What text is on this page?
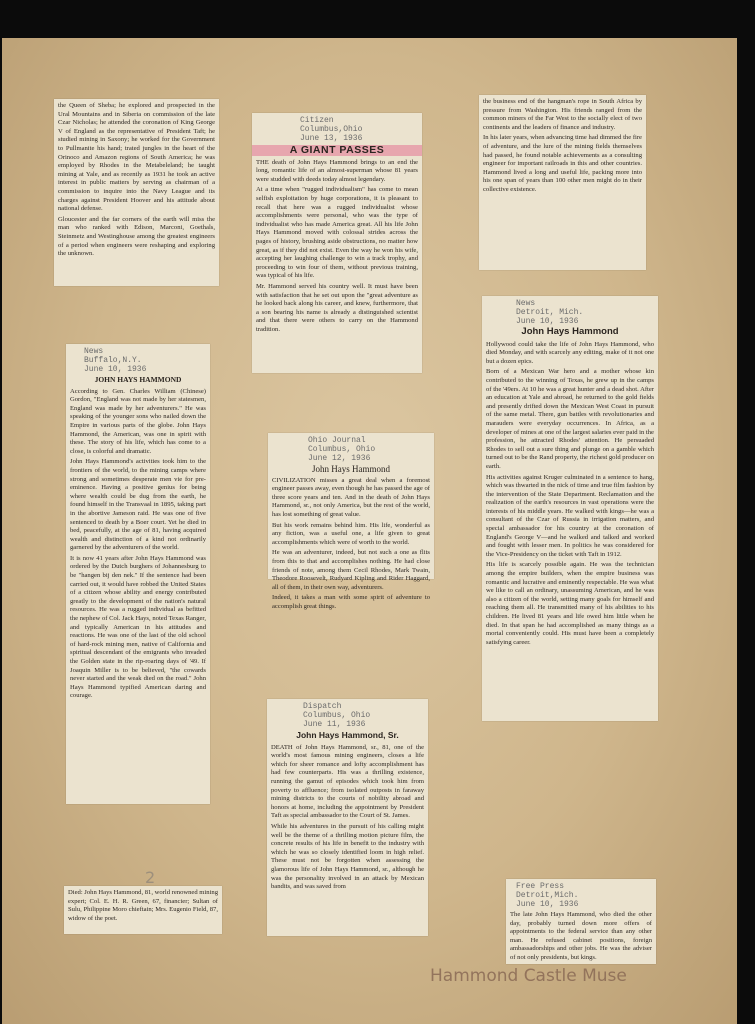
the Queen of Sheba; he explored and prospected in the Ural Mountains and in Siberia on commission of the late Czar Nicholas; he attended the coronation of King George V of England as the representative of President Taft; he studied mining in Saxony; he worked for the Government to Pullmanite his hand; trated jungles in the heart of the Orinoco and Amazon regions of South America; he was employed by Rhodes in the Metabeleland; he taught mining at Yale, and as recently as 1931 he took an active interest in public matters by serving as chairman of a commission to inquire into the Navy League and its charges against President Hoover and his attitude about national defense.

Gloucester and the far corners of the earth will miss the man who ranked with Edison, Marconi, Goethals, Steinmetz and Westinghouse among the greatest engineers of a period when engineers were reshaping and exploring the unknown.

Citizen
Columbus,Ohio
June 13, 1936
A GIANT PASSES

THE death of John Hays Hammond brings to an end the long, romantic life of an almost-superman whose 81 years were studded with deeds today almost legendary.

At a time when "rugged individualism" has come to mean selfish exploitation by huge corporations, it is pleasant to recall that here was a rugged individualist whose accomplishments were personal, who was the type of individualist who has made America great. All his life John Hays Hammond moved with colossal strides across the pages of history, brushing aside obstructions, no matter how great, as if they did not exist. Even the way he won his wife, accepting her laughing challenge to win a track trophy, and proceeding to win four of them, without previous training, was typical of his life.

Mr. Hammond served his country well. It must have been with satisfaction that he set out upon the "great adventure as he looked back along his career, and knew, furthermore, that a son bearing his name is already a distinguished scientist and that there were others to carry on the Hammond tradition.

the business end of the hangman's rope in South Africa by pressure from Washington. His friends ranged from the common miners of the Far West to the socially elect of two continents and the leaders of finance and industry.

In his later years, when advancing time had dimmed the fire of adventure, and the lure of the mining fields themselves had passed, he found notable achievements as a consulting engineer for important railroads in this and other countries. Hammond lived a long and useful life, packing more into his one span of years than 100 other men might do in their collective existence.

News
Buffalo,N.Y.
June 10, 1936
JOHN HAYS HAMMOND

According to Gen. Charles William (Chinese) Gordon, "England was not made by her statesmen, England was made by her adventurers." He was speaking of the younger sons who nailed down the Empire in various parts of the globe. John Hays Hammond, the American, was one in spirit with these. The story of his life, which has come to a close, is colorful and dramatic.

John Hays Hammond's activities took him to the frontiers of the world, to the mining camps where strong and sometimes desperate men vie for pre-eminence. Having a positive genius for being where wealth could be dug from the earth, he found himself in the Transvaal in 1895, taking part in the abortive Jameson raid. He was one of five sentenced to death by a Boer court. Yet he died in bed, peacefully, at the age of 81, having acquired wealth and distinction of a kind not ordinarily garnered by the adventurers of the world.

It is now 41 years after John Hays Hammond was ordered by the Dutch burghers of Johannesburg to be "hangen bij den nek." If the sentence had been carried out, it would have robbed the United States of a citizen whose ability and energy contributed greatly to the development of the nation's natural resources. He was a rugged individual as befitted the nephew of Col. Jack Hays, noted Texas Ranger, and typically American in his attitudes and reactions. He was one of the last of the old school of hard-rock mining men, native of California and spiritual descendant of the emigrants who invaded the Golden state in the rip-roaring days of '49. If Joaquin Miller is to be believed, "the cowards never started and the weak died on the road." John Hays Hammond typified American daring and courage.

Died: John Hays Hammond, 81, world renowned mining expert; Col. E. H. R. Green, 67, financier; Sultan of Sulu, Philippine Moro chieftain; Mrs. Eugenio Field, 87, widow of the poet.

Ohio Journal
Columbus, Ohio
June 12, 1936
John Hays Hammond

CIVILIZATION misses a great deal when a foremost engineer passes away, even though he has passed the age of three score years and ten. And in the death of John Hays Hammond, sr., not only America, but the rest of the world, has lost something of great value.

But his work remains behind him. His life, wonderful as any fiction, was a useful one, a life given to great accomplishments which were of worth to the world.

He was an adventurer, indeed, but not such a one as flits from this to that and accomplishes nothing. He had close friends of note, among them Cecil Rhodes, Mark Twain, Theodore Roosevelt, Rudyard Kipling and Rider Haggard, all of them, in their own way, adventurers.

Indeed, it takes a man with some spirit of adventure to accomplish great things.

News
Detroit, Mich.
June 10, 1936
John Hays Hammond

Hollywood could take the life of John Hays Hammond, who died Monday, and with scarcely any editing, make of it not one but a dozen epics.

Born of a Mexican War hero and a mother whose kin contributed to the winning of Texas, he grew up in the camps of the '49ers. At 10 he was a great hunter and a dead shot. After an education at Yale and abroad, he returned to the gold fields and presently drifted down the Mexican West Coast in pursuit of the same metal. There, gun battles with revolutionaries and marauders were everyday occurrences. In Africa, as a developer of mines at one of the largest salaries ever paid in the profession, he attracted Rhodes' attention. He persuaded Rhodes to sell out a sure thing and plunge on a gamble which turned out to be the Rand property, the richest gold producer on earth.

His activities against Kruger culminated in a sentence to hang, which was thwarted in the nick of time and true film fashion by the intervention of the State Department. Reclamation and the realization of the earth's resources in vast operations were the interests of his middle years. He walked with kings—he was a consultant of the Czar of Russia in irrigation matters, and special ambassador for his country at the coronation of England's George V—and he walked and talked and worked and fought with lesser men. In politics he was considered for the Vice-Presidency on the ticket with Taft in 1912.

His life is scarcely possible again. He was the technician among the empire builders, when the empire business was romantic and lucrative and eminently respectable. He was what we like to call an ordinary, unassuming American, and he was also a citizen of the world, setting many goals for himself and reaching them all. He transmitted many of his abilities to his children. He lived 81 years and life owed him little when he died. In that span he had accomplished as many things as a mortal conveniently could. His must have been a completely satisfying career.

Dispatch
Columbus, Ohio
June 11, 1936
John Hays Hammond, Sr.

DEATH of John Hays Hammond, sr., 81, one of the world's most famous mining engineers, closes a life which for sheer romance and lofty accomplishment has had few counterparts. His was a thrilling existence, running the gamut of episodes which took him from poverty to affluence; from isolated outposts in faraway mining districts to the courts of nobility abroad and honors at home, including the appointment by President Taft as special ambassador to the Court of St. James.

While his adventures in the pursuit of his calling might well be the theme of a thrilling motion picture film, the concrete results of his life in benefit to the industry with which he was so closely identified loom in high relief. These must not be forgotten when assessing the glamorous life of John Hays Hammond, sr., although he was the personality involved in an attack by Mexican bandits, and was saved from	Free Press
Detroit,Mich.
June 10, 1936

The late John Hays Hammond, who died the other day, probably turned down more offers of appointments to the federal service than any other man. He refused cabinet positions, foreign ambassadorships and other jobs. He was the adviser of not only presidents, but kings.

2
Hammond Castle Muse
